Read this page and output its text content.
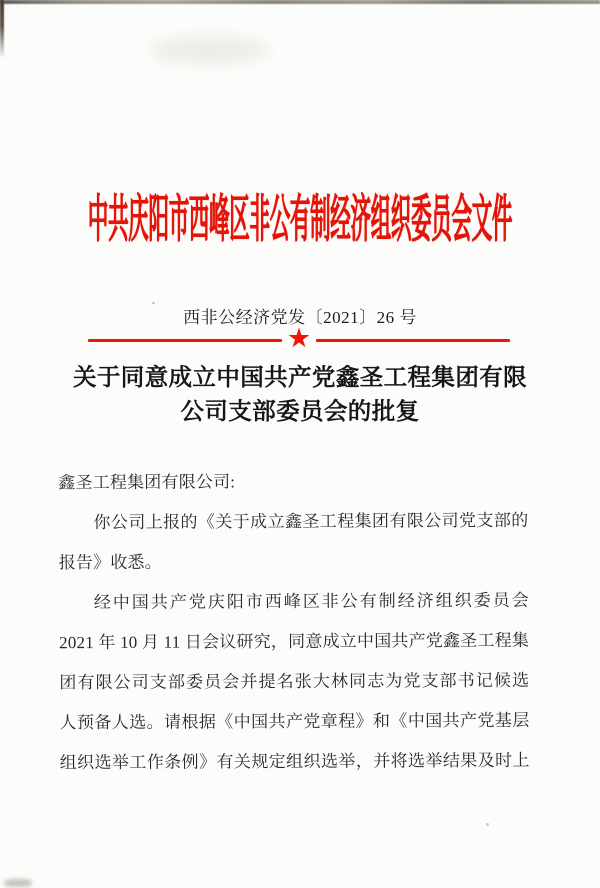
中共庆阳市西峰区非公有制经济组织委员会文件
西非公经济党发〔2021〕26 号
★
关于同意成立中国共产党鑫圣工程集团有限
公司支部委员会的批复
鑫圣工程集团有限公司:
你公司上报的《关于成立鑫圣工程集团有限公司党支部的
报告》收悉。
经中国共产党庆阳市西峰区非公有制经济组织委员会
2021 年 10 月 11 日会议研究，同意成立中国共产党鑫圣工程集
团有限公司支部委员会并提名张大林同志为党支部书记候选
人预备人选。请根据《中国共产党章程》和《中国共产党基层
组织选举工作条例》有关规定组织选举，并将选举结果及时上
